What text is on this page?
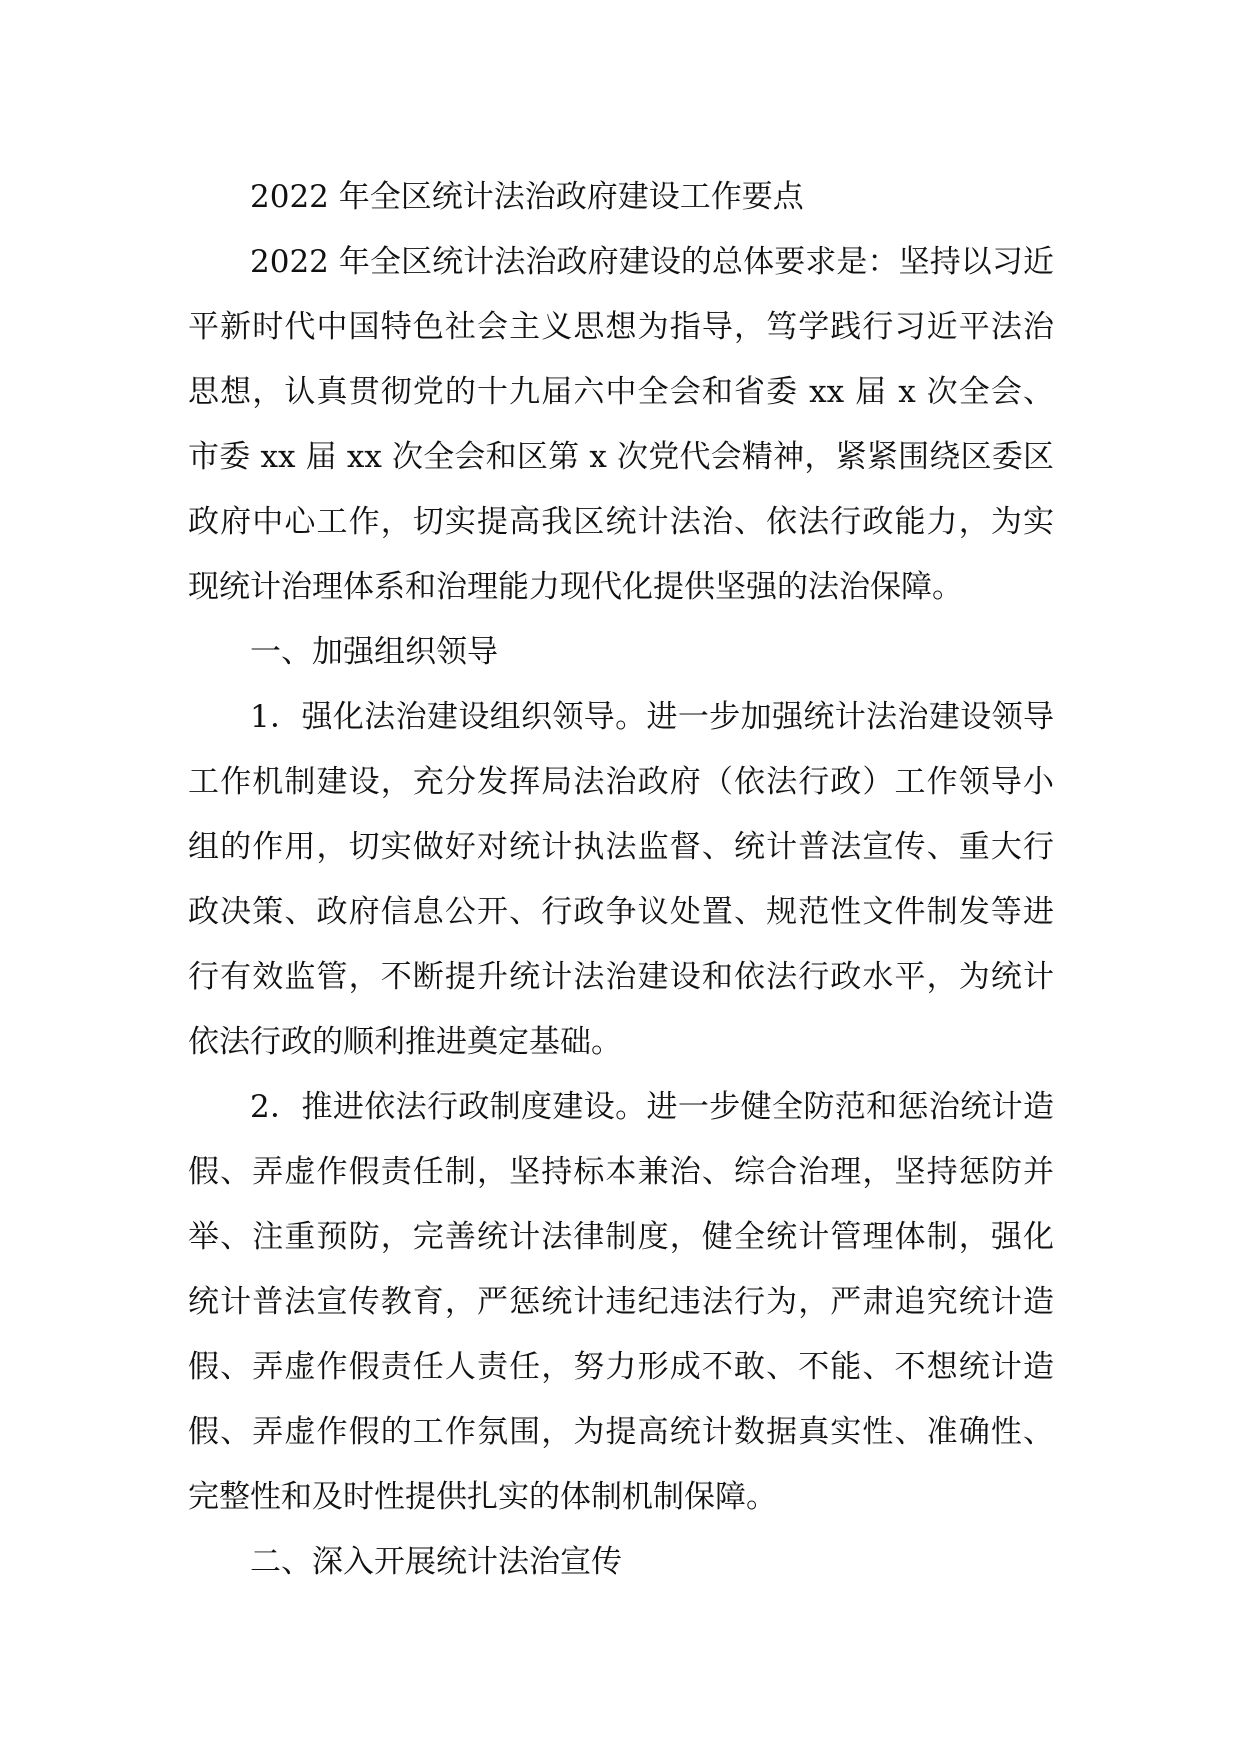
2022 年全区统计法治政府建设工作要点

2022 年全区统计法治政府建设的总体要求是：坚持以习近平新时代中国特色社会主义思想为指导，笃学践行习近平法治思想，认真贯彻党的十九届六中全会和省委 xx 届 x 次全会、市委 xx 届 xx 次全会和区第 x 次党代会精神，紧紧围绕区委区政府中心工作，切实提高我区统计法治、依法行政能力，为实现统计治理体系和治理能力现代化提供坚强的法治保障。

一、加强组织领导

1．强化法治建设组织领导。进一步加强统计法治建设领导工作机制建设，充分发挥局法治政府（依法行政）工作领导小组的作用，切实做好对统计执法监督、统计普法宣传、重大行政决策、政府信息公开、行政争议处置、规范性文件制发等进行有效监管，不断提升统计法治建设和依法行政水平，为统计依法行政的顺利推进奠定基础。

2．推进依法行政制度建设。进一步健全防范和惩治统计造假、弄虚作假责任制，坚持标本兼治、综合治理，坚持惩防并举、注重预防，完善统计法律制度，健全统计管理体制，强化统计普法宣传教育，严惩统计违纪违法行为，严肃追究统计造假、弄虚作假责任人责任，努力形成不敢、不能、不想统计造假、弄虚作假的工作氛围，为提高统计数据真实性、准确性、完整性和及时性提供扎实的体制机制保障。

二、深入开展统计法治宣传
